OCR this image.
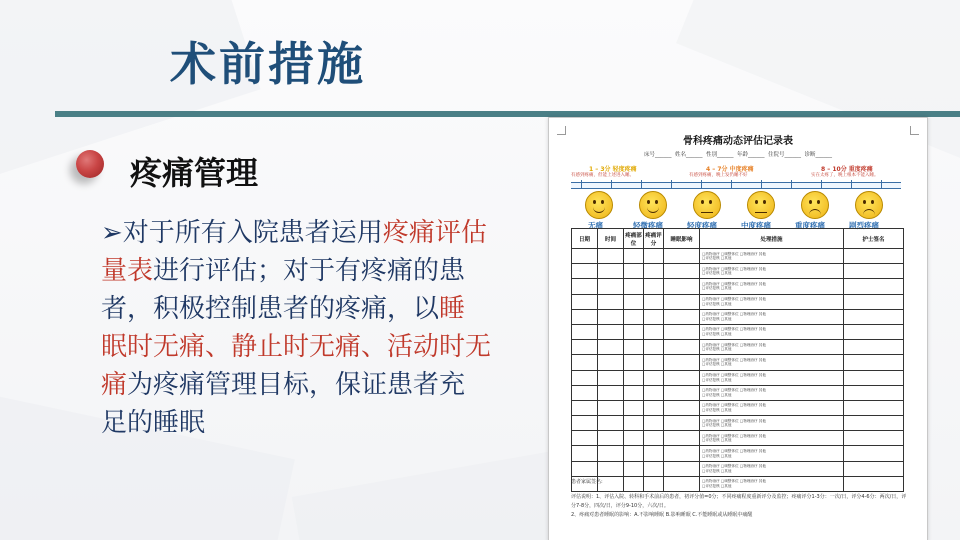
术前措施
疼痛管理
➢对于所有入院患者运用疼痛评估量表进行评估；对于有疼痛的患者，积极控制患者的疼痛，以睡眠时无痛、静止时无痛、活动时无痛为疼痛管理目标，保证患者充足的睡眠
骨科疼痛动态评估记录表
床号______ 姓名______ 性别______ 年龄______ 住院号______ 诊断______
1 – 3分 轻度疼痛
有感到疼痛，但能上述进入睡。
4 – 7分 中度疼痛
有感到疼痛，晚上发仍睡不好
8 – 10分 重度疼痛
实在太疼了，晚上根本不能入睡。
无痛	轻微疼痛	轻度疼痛	中度疼痛	重度疼痛	剧烈疼痛
日期	时间	疼痛部位	疼痛评分	睡眠影响	处理措施	护士签名

					□药物治疗 □调整体位 □物理治疗 其他
□评估复核 □其他	

					□药物治疗 □调整体位 □物理治疗 其他
□评估复核 □其他	

					□药物治疗 □调整体位 □物理治疗 其他
□评估复核 □其他	

					□药物治疗 □调整体位 □物理治疗 其他
□评估复核 □其他	

					□药物治疗 □调整体位 □物理治疗 其他
□评估复核 □其他	

					□药物治疗 □调整体位 □物理治疗 其他
□评估复核 □其他	

					□药物治疗 □调整体位 □物理治疗 其他
□评估复核 □其他	

					□药物治疗 □调整体位 □物理治疗 其他
□评估复核 □其他	

					□药物治疗 □调整体位 □物理治疗 其他
□评估复核 □其他	

					□药物治疗 □调整体位 □物理治疗 其他
□评估复核 □其他	

					□药物治疗 □调整体位 □物理治疗 其他
□评估复核 □其他	

					□药物治疗 □调整体位 □物理治疗 其他
□评估复核 □其他	

					□药物治疗 □调整体位 □物理治疗 其他
□评估复核 □其他	

					□药物治疗 □调整体位 □物理治疗 其他
□评估复核 □其他	

					□药物治疗 □调整体位 □物理治疗 其他
□评估复核 □其他	

					□药物治疗 □调整体位 □物理治疗 其他
□评估复核 □其他	

患者家属签名:
评估说明：1、评估入院、转科和手术前后的患者，初评分值=0分；不同疼痛程度重新评分及监控；疼痛评分1-3分：一次/日，评分4-6分：两次/日，评分7-8分，四次/日，评分9-10分，六次/日。
2、疼痛对患者睡眠的影响：A.不影响睡眠 B.影响睡眠 C.不能睡眠或从睡眠中痛醒
